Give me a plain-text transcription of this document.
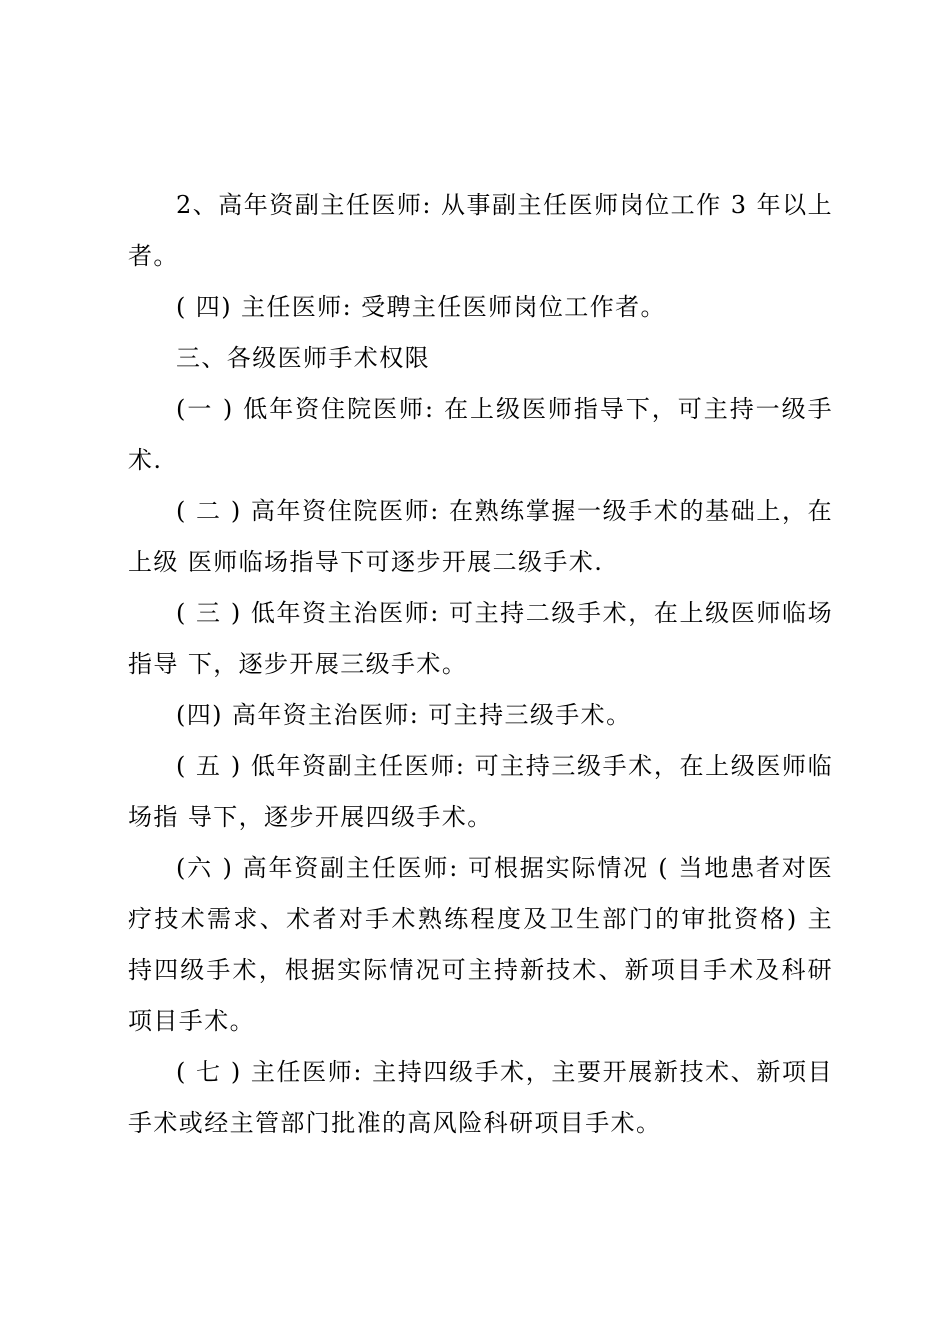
2、高年资副主任医师: 从事副主任医师岗位工作 3 年以上者。

( 四) 主任医师: 受聘主任医师岗位工作者。

三、各级医师手术权限

(一 ) 低年资住院医师: 在上级医师指导下，可主持一级手术.

( 二 ) 高年资住院医师: 在熟练掌握一级手术的基础上，在上级 医师临场指导下可逐步开展二级手术.

( 三 ) 低年资主治医师: 可主持二级手术，在上级医师临场指导 下，逐步开展三级手术。

(四) 高年资主治医师: 可主持三级手术。

( 五 ) 低年资副主任医师: 可主持三级手术，在上级医师临场指 导下，逐步开展四级手术。

(六 ) 高年资副主任医师: 可根据实际情况 ( 当地患者对医疗技术需求、术者对手术熟练程度及卫生部门的审批资格) 主持四级手术，根据实际情况可主持新技术、新项目手术及科研项目手术。

( 七 ) 主任医师: 主持四级手术，主要开展新技术、新项目手术或经主管部门批准的高风险科研项目手术。
